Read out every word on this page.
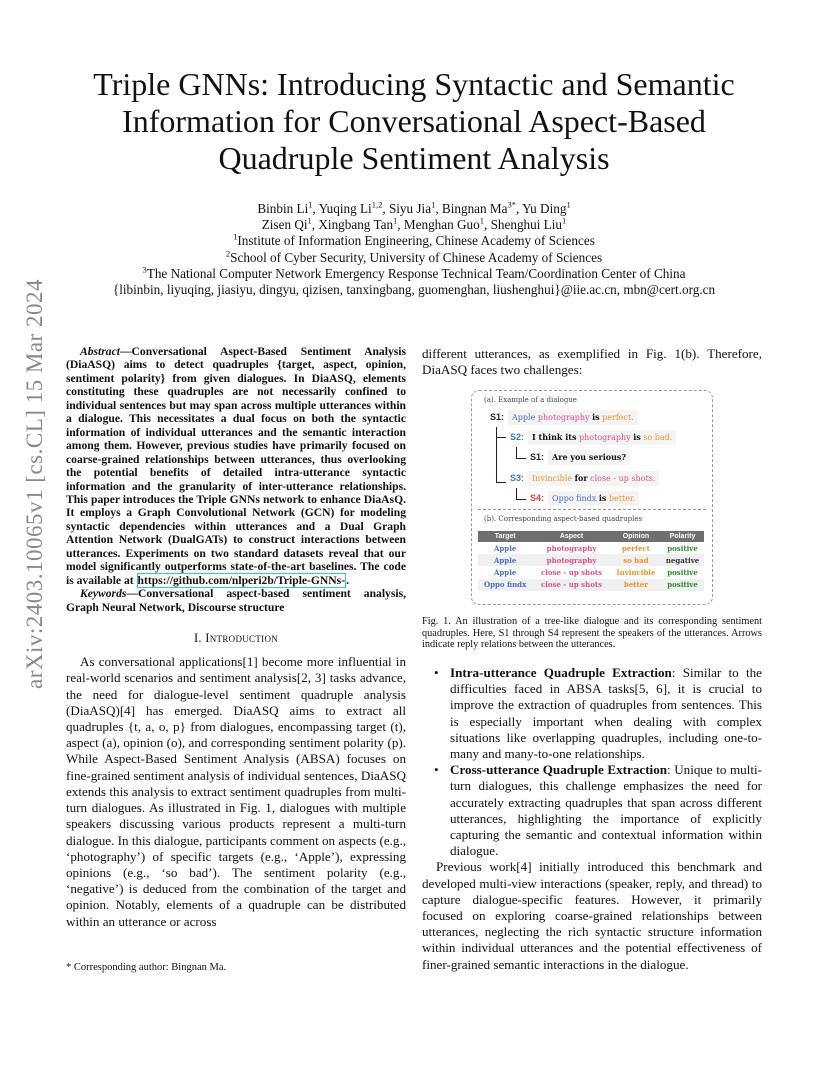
arXiv:2403.10065v1 [cs.CL] 15 Mar 2024
Triple GNNs: Introducing Syntactic and Semantic Information for Conversational Aspect-Based Quadruple Sentiment Analysis
Binbin Li$^1$, Yuqing Li$^{1,2}$, Siyu Jia$^1$, Bingnan $Ma^{3*}$, Yu Ding$^1$
Zisen Qi$^1$, Xingbang Tan$^1$, Menghan Guo$^1$, Shenghui Liu$^1$
$^1$Institute of Information Engineering, Chinese Academy of Sciences
$^2$School of Cyber Security, University of Chinese Academy of Sciences
$^3$The National Computer Network Emergency Response Technical Team/Coordination Center of China
{libinbin, liyuqing, jiasiyu, dingyu, qizisen, tanxingbang, guomenghan, liushenghui}@iie.ac.cn, mbn@cert.org.cn

Abstract—Conversational Aspect-Based Sentiment Analysis (DiaASQ) aims to detect quadruples {target, aspect, opinion, sentiment polarity} from given dialogues. In DiaASQ, elements constituting these quadruples are not necessarily confined to individual sentences but may span across multiple utterances within a dialogue. This necessitates a dual focus on both the syntactic information of individual utterances and the semantic interaction among them. However, previous studies have primarily focused on coarse-grained relationships between utterances, thus overlooking the potential benefits of detailed intra-utterance syntactic information and the granularity of inter-utterance relationships. This paper introduces the Triple GNNs network to enhance DiaAsQ. It employs a Graph Convolutional Network (GCN) for modeling syntactic dependencies within utterances and a Dual Graph Attention Network (DualGATs) to construct interactions between utterances. Experiments on two standard datasets reveal that our model significantly outperforms state-of-the-art baselines. The code is available at https://github.com/nlperi2b/Triple-GNNs-.

Keywords—Conversational aspect-based sentiment analysis, Graph Neural Network, Discourse structure

I. Introduction

As conversational applications[1] become more influential in real-world scenarios and sentiment analysis[2, 3] tasks advance, the need for dialogue-level sentiment quadruple analysis (DiaASQ)[4] has emerged. DiaASQ aims to extract all quadruples {t, a, o, p} from dialogues, encompassing target (t), aspect (a), opinion (o), and corresponding sentiment polarity (p). While Aspect-Based Sentiment Analysis (ABSA) focuses on fine-grained sentiment analysis of individual sentences, DiaASQ extends this analysis to extract sentiment quadruples from multi-turn dialogues. As illustrated in Fig. 1, dialogues with multiple speakers discussing various products represent a multi-turn dialogue. In this dialogue, participants comment on aspects (e.g., ‘photography’) of specific targets (e.g., ‘Apple’), expressing opinions (e.g., ‘so bad’). The sentiment polarity (e.g., ‘negative’) is deduced from the combination of the target and opinion. Notably, elements of a quadruple can be distributed within an utterance or across

* Corresponding author: Bingnan Ma.

different utterances, as exemplified in Fig. 1(b). Therefore, DiaASQ faces two challenges:

(a). Example of a dialogue
S1: Apple photography is perfect.
S2: I think its photography is so bad.
S1: Are you serious?
S3: Invincible for close - up shots.
S4: Oppo findx is better.
(b). Corresponding aspect-based quadruples
Target	Aspect	Opinion	Polarity
Apple	photography	perfect	positive
Apple	photography	so bad	negative
Apple	close - up shots	Invincible	positive
Oppo findx	close - up shots	better	positive
Fig. 1. An illustration of a tree-like dialogue and its corresponding sentiment quadruples. Here, S1 through S4 represent the speakers of the utterances. Arrows indicate reply relations between the utterances.
• Intra-utterance Quadruple Extraction: Similar to the difficulties faced in ABSA tasks[5, 6], it is crucial to improve the extraction of quadruples from sentences. This is especially important when dealing with complex situations like overlapping quadruples, including one-to-many and many-to-one relationships.
• Cross-utterance Quadruple Extraction: Unique to multi-turn dialogues, this challenge emphasizes the need for accurately extracting quadruples that span across different utterances, highlighting the importance of explicitly capturing the semantic and contextual information within dialogue.

Previous work[4] initially introduced this benchmark and developed multi-view interactions (speaker, reply, and thread) to capture dialogue-specific features. However, it primarily focused on exploring coarse-grained relationships between utterances, neglecting the rich syntactic structure information within individual utterances and the potential effectiveness of finer-grained semantic interactions in the dialogue.
